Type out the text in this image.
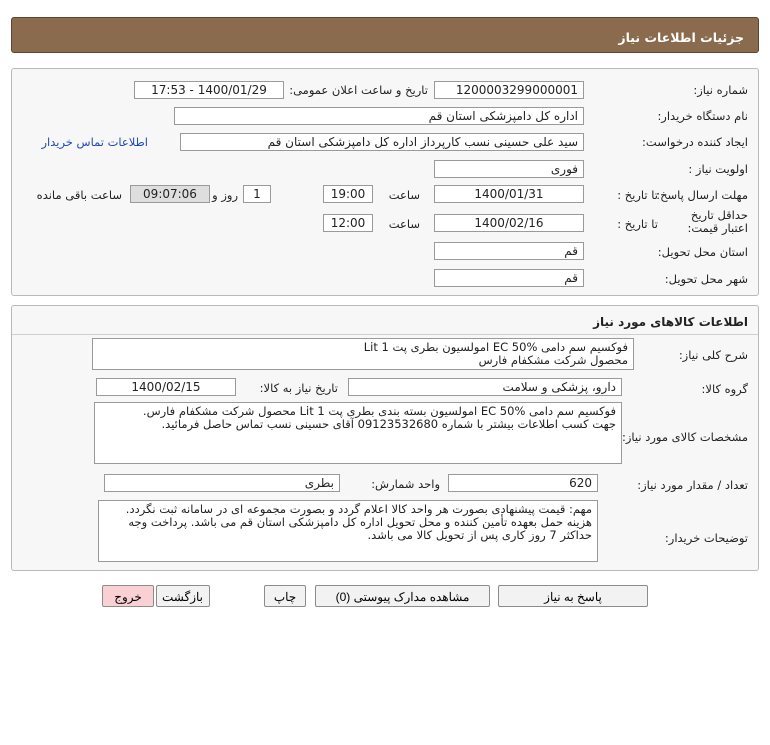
جزئیات اطلاعات نیاز
شماره نیاز:
1200003299000001
تاریخ و ساعت اعلان عمومی:
1400/01/29 - 17:53
نام دستگاه خریدار:
اداره کل دامپزشکی استان قم
ایجاد کننده درخواست:
سید علی حسینی نسب کارپرداز اداره کل دامپزشکی استان قم
اطلاعات تماس خریدار
اولویت نیاز :
فوری
مهلت ارسال پاسخ:
تا تاریخ :
1400/01/31
ساعت
19:00
1
روز و
09:07:06
ساعت باقی مانده
حداقل تاریخ اعتبار قیمت:
تا تاریخ :
1400/02/16
ساعت
12:00
استان محل تحویل:
قم
شهر محل تحویل:
قم
اطلاعات کالاهای مورد نیاز
شرح کلی نیاز:
فوکسیم سم دامی EC 50% امولسیون بطری پت 1 Lit
محصول شرکت مشکفام فارس
گروه کالا:
دارو، پزشکی و سلامت
تاریخ نیاز به کالا:
1400/02/15
مشخصات کالای مورد نیاز:
فوکسیم سم دامی EC 50% امولسیون بسته بندی بطری پت 1 Lit محصول شرکت مشکفام فارس.
جهت کسب اطلاعات بیشتر با شماره 09123532680 آقای حسینی نسب تماس حاصل فرمائید.
تعداد / مقدار مورد نیاز:
620
واحد شمارش:
بطری
توضیحات خریدار:
مهم: قیمت پیشنهادی بصورت هر واحد کالا اعلام گردد و بصورت مجموعه ای در سامانه ثبت نگردد.
هزینه حمل بعهده تأمین کننده و محل تحویل اداره کل دامپزشکی استان قم می باشد. پرداخت وجه
حداکثر 7 روز کاری پس از تحویل کالا می باشد.
پاسخ به نیاز
مشاهده مدارک پیوستی (0)
چاپ
بازگشت
خروج
